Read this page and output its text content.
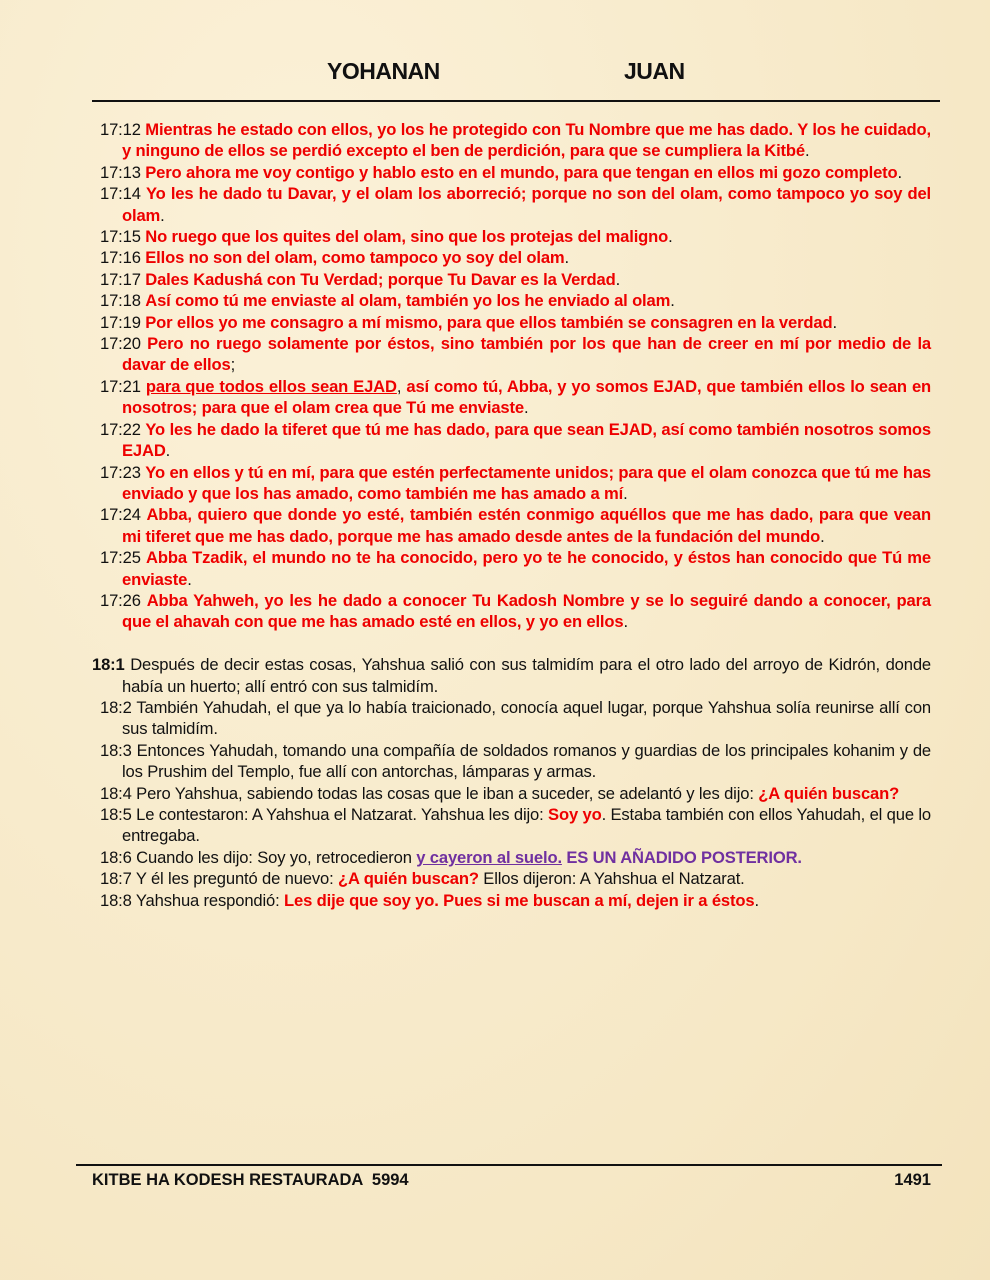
YOHANAN	JUAN
17:12 Mientras he estado con ellos, yo los he protegido con Tu Nombre que me has dado. Y los he cuidado, y ninguno de ellos se perdió excepto el ben de perdición, para que se cumpliera la Kitbé.
17:13 Pero ahora me voy contigo y hablo esto en el mundo, para que tengan en ellos mi gozo completo.
17:14 Yo les he dado tu Davar, y el olam los aborreció; porque no son del olam, como tampoco yo soy del olam.
17:15 No ruego que los quites del olam, sino que los protejas del maligno.
17:16 Ellos no son del olam, como tampoco yo soy del olam.
17:17 Dales Kadushá con Tu Verdad; porque Tu Davar es la Verdad.
17:18 Así como tú me enviaste al olam, también yo los he enviado al olam.
17:19 Por ellos yo me consagro a mí mismo, para que ellos también se consagren en la verdad.
17:20 Pero no ruego solamente por éstos, sino también por los que han de creer en mí por medio de la davar de ellos;
17:21 para que todos ellos sean EJAD, así como tú, Abba, y yo somos EJAD, que también ellos lo sean en nosotros; para que el olam crea que Tú me enviaste.
17:22 Yo les he dado la tiferet que tú me has dado, para que sean EJAD, así como también nosotros somos EJAD.
17:23 Yo en ellos y tú en mí, para que estén perfectamente unidos; para que el olam conozca que tú me has enviado y que los has amado, como también me has amado a mí.
17:24 Abba, quiero que donde yo esté, también estén conmigo aquéllos que me has dado, para que vean mi tiferet que me has dado, porque me has amado desde antes de la fundación del mundo.
17:25 Abba Tzadik, el mundo no te ha conocido, pero yo te he conocido, y éstos han conocido que Tú me enviaste.
17:26 Abba Yahweh, yo les he dado a conocer Tu Kadosh Nombre y se lo seguiré dando a conocer, para que el ahavah con que me has amado esté en ellos, y yo en ellos.
18:1 Después de decir estas cosas, Yahshua salió con sus talmidím para el otro lado del arroyo de Kidrón, donde había un huerto; allí entró con sus talmidím.
18:2 También Yahudah, el que ya lo había traicionado, conocía aquel lugar, porque Yahshua solía reunirse allí con sus talmidím.
18:3 Entonces Yahudah, tomando una compañía de soldados romanos y guardias de los principales kohanim y de los Prushim del Templo, fue allí con antorchas, lámparas y armas.
18:4 Pero Yahshua, sabiendo todas las cosas que le iban a suceder, se adelantó y les dijo: ¿A quién buscan?
18:5 Le contestaron: A Yahshua el Natzarat. Yahshua les dijo: Soy yo. Estaba también con ellos Yahudah, el que lo entregaba.
18:6 Cuando les dijo: Soy yo, retrocedieron y cayeron al suelo. ES UN AÑADIDO POSTERIOR.
18:7 Y él les preguntó de nuevo: ¿A quién buscan? Ellos dijeron: A Yahshua el Natzarat.
18:8 Yahshua respondió: Les dije que soy yo. Pues si me buscan a mí, dejen ir a éstos.
KITBE HA KODESH RESTAURADA  5994	1491
